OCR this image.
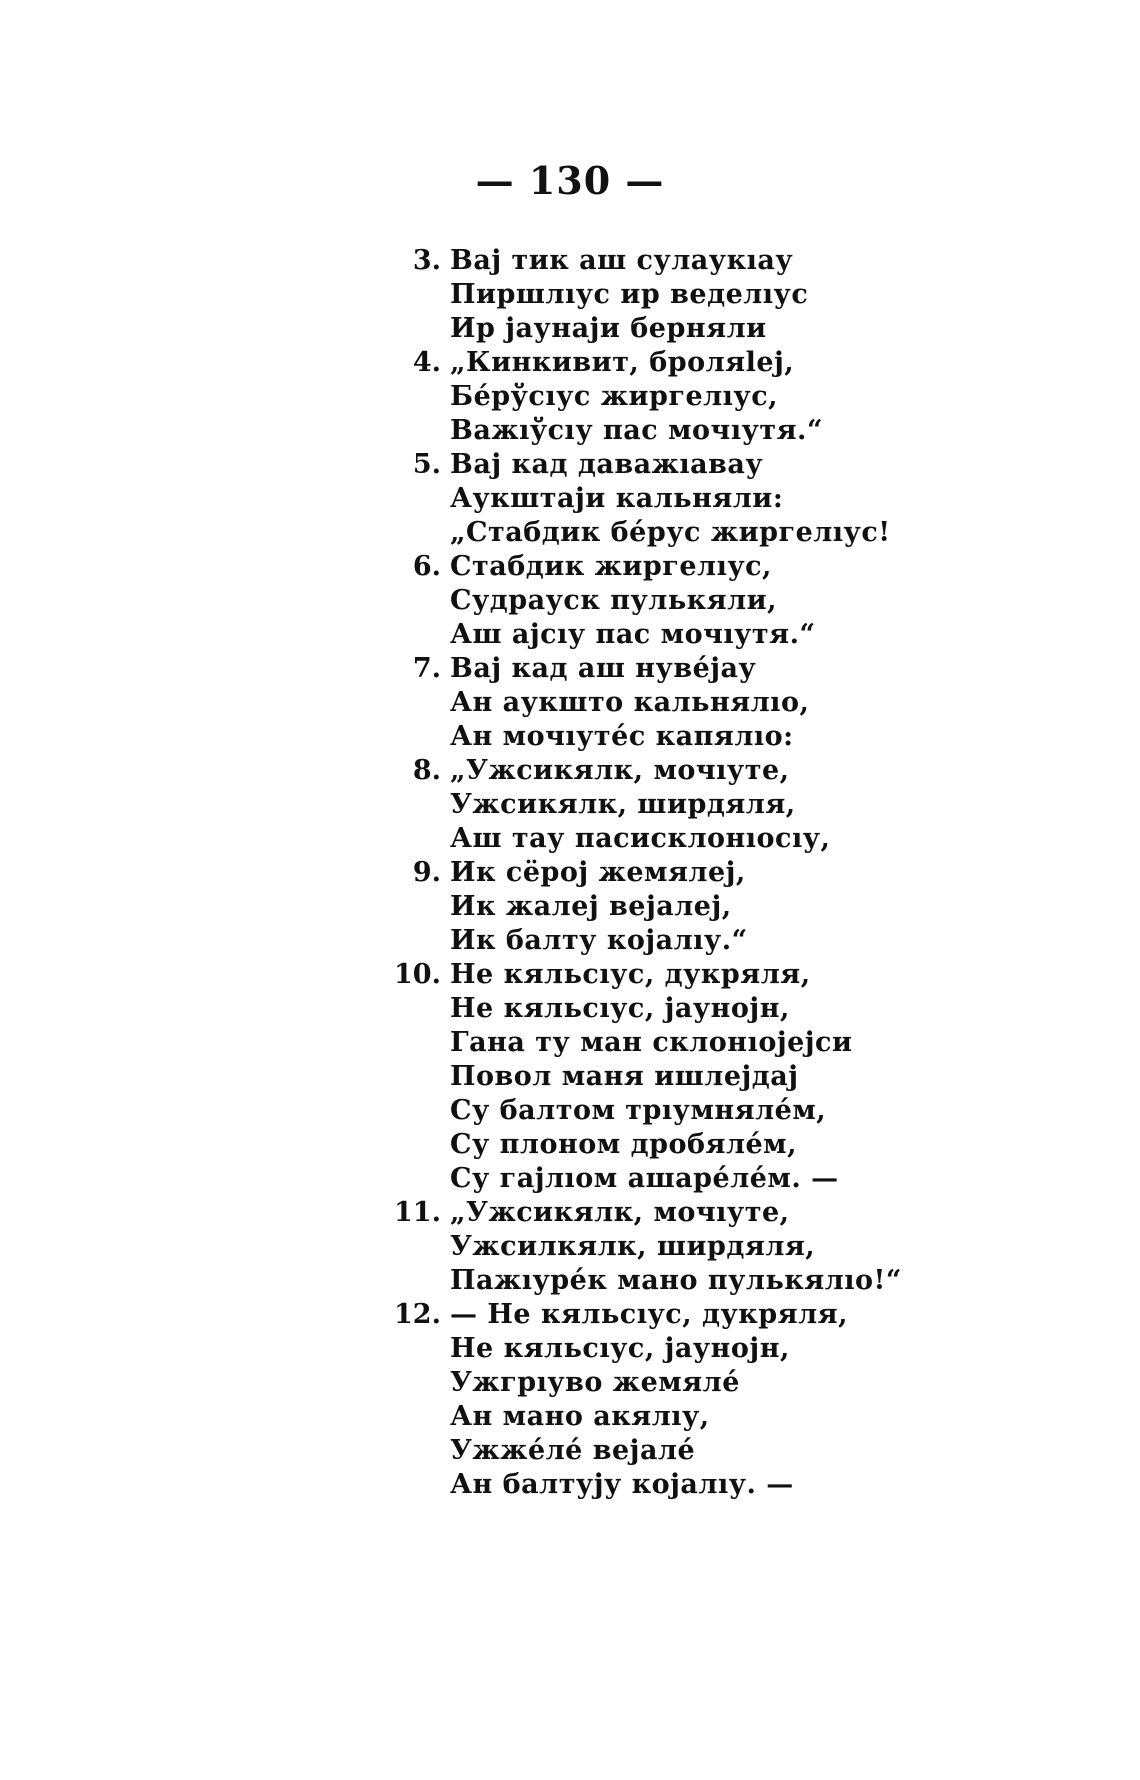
— 130 —
3. Вај тик аш сулаукıау
Пиршлıус ир веделıус
Ир јаунаји берняли
4. „Кинкивит, броляleј,
Бéрўсıус жиргелıус,
Важıўсıу пас мочıутя.“
5. Вај кад даважıавау
Аукштаји кальняли:
„Стабдик бéрус жиргелıус!
6. Стабдик жиргелıус,
Судрауск пулькяли,
Аш ајсıу пас мочıутя.“
7. Вај кад аш нувéјау
Ан аукшто кальнялıо,
Ан мочıутéс капялıо:
8. „Ужсикялк, мочıуте,
Ужсикялк, ширдяля,
Аш тау пасисклонıосıу,
9. Ик сёрој жемялеј,
Ик жалеј вејалеј,
Ик балту којалıу.“
10. Не кяльсıус, дукряля,
Не кяльсıус, јаунојн,
Гана ту ман склонıојејси
Повол маня ишлејдај
Су балтом трıумнялéм,
Су плоном дробялéм,
Су гајлıом ашарéлéм. —
11. „Ужсикялк, мочıуте,
Ужсилкялк, ширдяля,
Пажıурéк мано пулькялıо!“
12. — Не кяльсıус, дукряля,
Не кяльсıус, јаунојн,
Ужгрıуво жемялé
Ан мано акялıу,
Ужжéлé вејалé
Ан балтују којалıу. —
